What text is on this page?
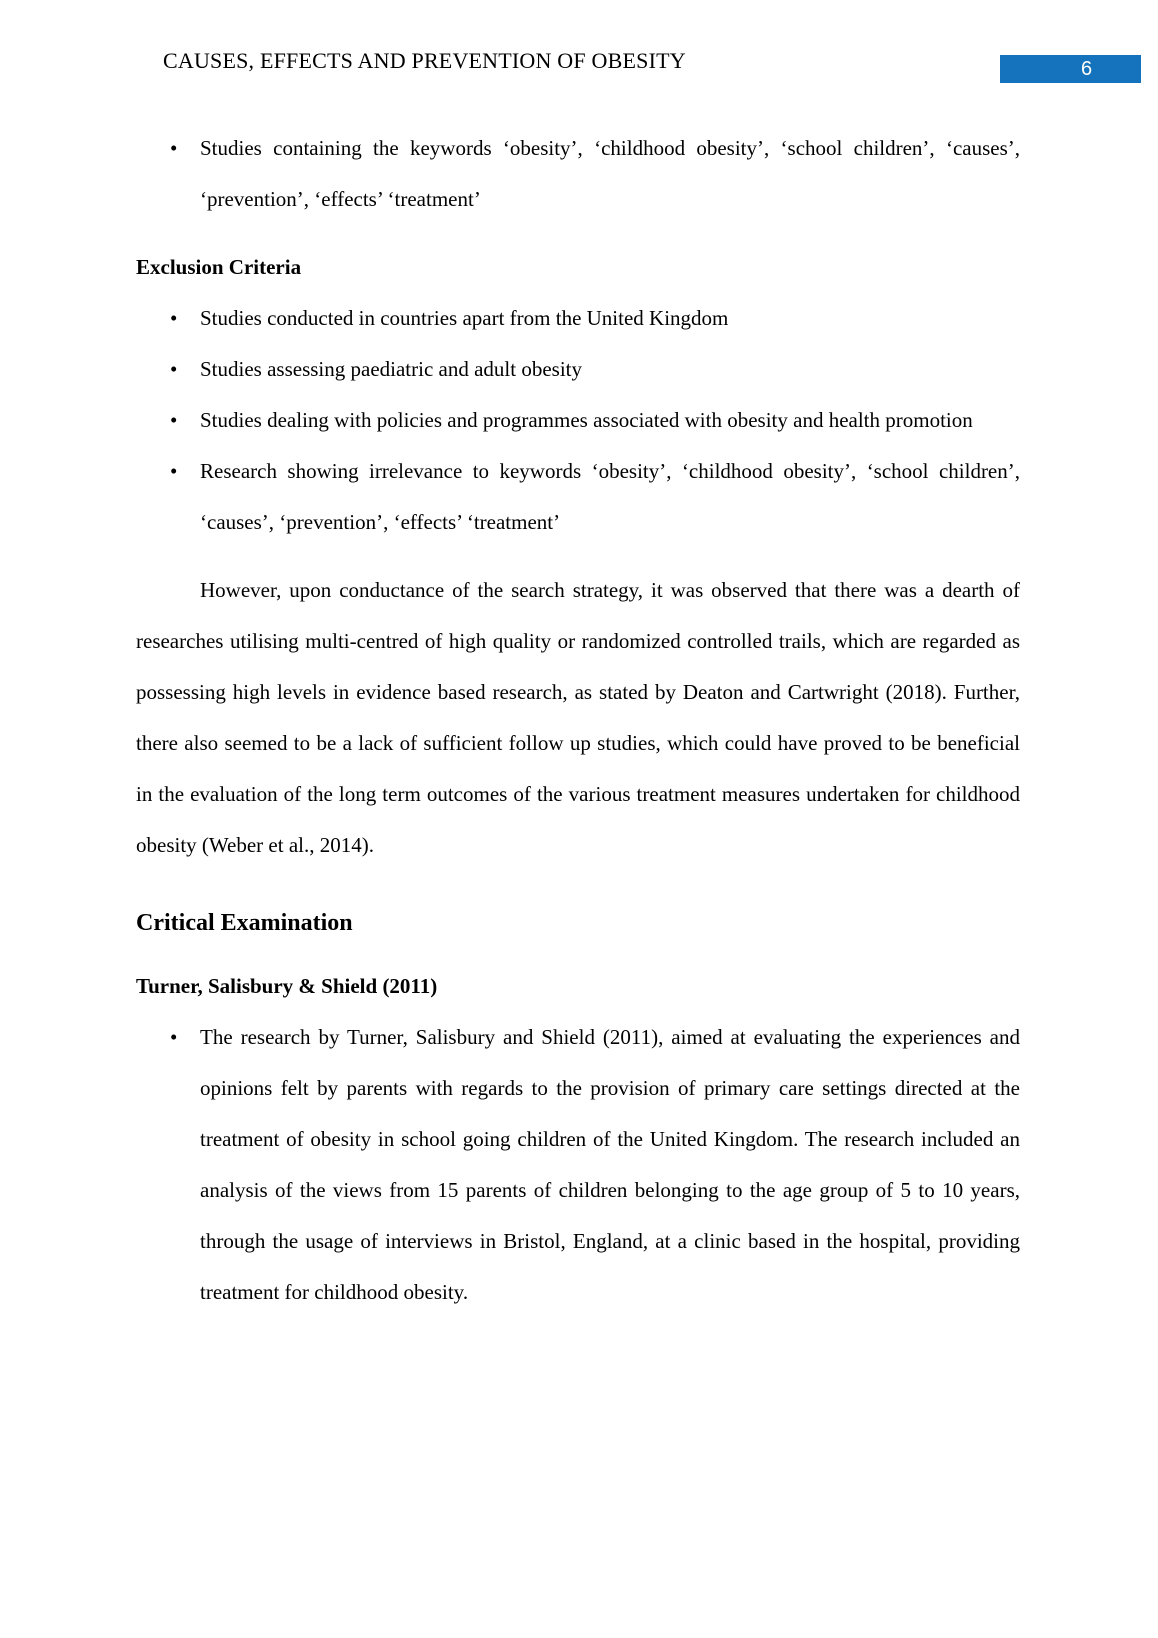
CAUSES, EFFECTS AND PREVENTION OF OBESITY	6
• Studies containing the keywords ‘obesity’, ‘childhood obesity’, ‘school children’, ‘causes’, ‘prevention’, ‘effects’ ‘treatment’
Exclusion Criteria
• Studies conducted in countries apart from the United Kingdom
• Studies assessing paediatric and adult obesity
• Studies dealing with policies and programmes associated with obesity and health promotion
• Research showing irrelevance to keywords ‘obesity’, ‘childhood obesity’, ‘school children’, ‘causes’, ‘prevention’, ‘effects’ ‘treatment’

However, upon conductance of the search strategy, it was observed that there was a dearth of researches utilising multi-centred of high quality or randomized controlled trails, which are regarded as possessing high levels in evidence based research, as stated by Deaton and Cartwright (2018). Further, there also seemed to be a lack of sufficient follow up studies, which could have proved to be beneficial in the evaluation of the long term outcomes of the various treatment measures undertaken for childhood obesity (Weber et al., 2014).

Critical Examination
Turner, Salisbury & Shield (2011)
• The research by Turner, Salisbury and Shield (2011), aimed at evaluating the experiences and opinions felt by parents with regards to the provision of primary care settings directed at the treatment of obesity in school going children of the United Kingdom. The research included an analysis of the views from 15 parents of children belonging to the age group of 5 to 10 years, through the usage of interviews in Bristol, England, at a clinic based in the hospital, providing treatment for childhood obesity.
